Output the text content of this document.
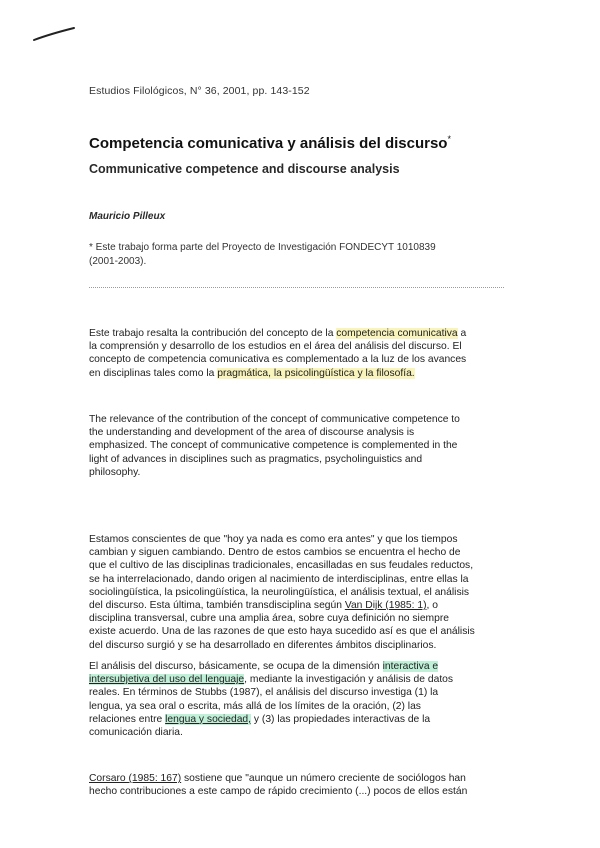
Estudios Filológicos, N° 36, 2001, pp. 143-152
Competencia comunicativa y análisis del discurso*
Communicative competence and discourse analysis
Mauricio Pilleux
* Este trabajo forma parte del Proyecto de Investigación FONDECYT 1010839
(2001-2003).

Este trabajo resalta la contribución del concepto de la competencia comunicativa a
la comprensión y desarrollo de los estudios en el área del análisis del discurso. El
concepto de competencia comunicativa es complementado a la luz de los avances
en disciplinas tales como la pragmática, la psicolingüística y la filosofía.

The relevance of the contribution of the concept of communicative competence to
the understanding and development of the area of discourse analysis is
emphasized. The concept of communicative competence is complemented in the
light of advances in disciplines such as pragmatics, psycholinguistics and
philosophy.

Estamos conscientes de que "hoy ya nada es como era antes" y que los tiempos
cambian y siguen cambiando. Dentro de estos cambios se encuentra el hecho de
que el cultivo de las disciplinas tradicionales, encasilladas en sus feudales reductos,
se ha interrelacionado, dando origen al nacimiento de interdisciplinas, entre ellas la
sociolingüística, la psicolingüística, la neurolingüística, el análisis textual, el análisis
del discurso. Esta última, también transdisciplina según Van Dijk (1985: 1), o
disciplina transversal, cubre una amplia área, sobre cuya definición no siempre
existe acuerdo. Una de las razones de que esto haya sucedido así es que el análisis
del discurso surgió y se ha desarrollado en diferentes ámbitos disciplinarios.

El análisis del discurso, básicamente, se ocupa de la dimensión interactiva e
intersubjetiva del uso del lenguaje, mediante la investigación y análisis de datos
reales. En términos de Stubbs (1987), el análisis del discurso investiga (1) la
lengua, ya sea oral o escrita, más allá de los límites de la oración, (2) las
relaciones entre lengua y sociedad, y (3) las propiedades interactivas de la
comunicación diaria.

Corsaro (1985: 167) sostiene que "aunque un número creciente de sociólogos han
hecho contribuciones a este campo de rápido crecimiento (...) pocos de ellos están
